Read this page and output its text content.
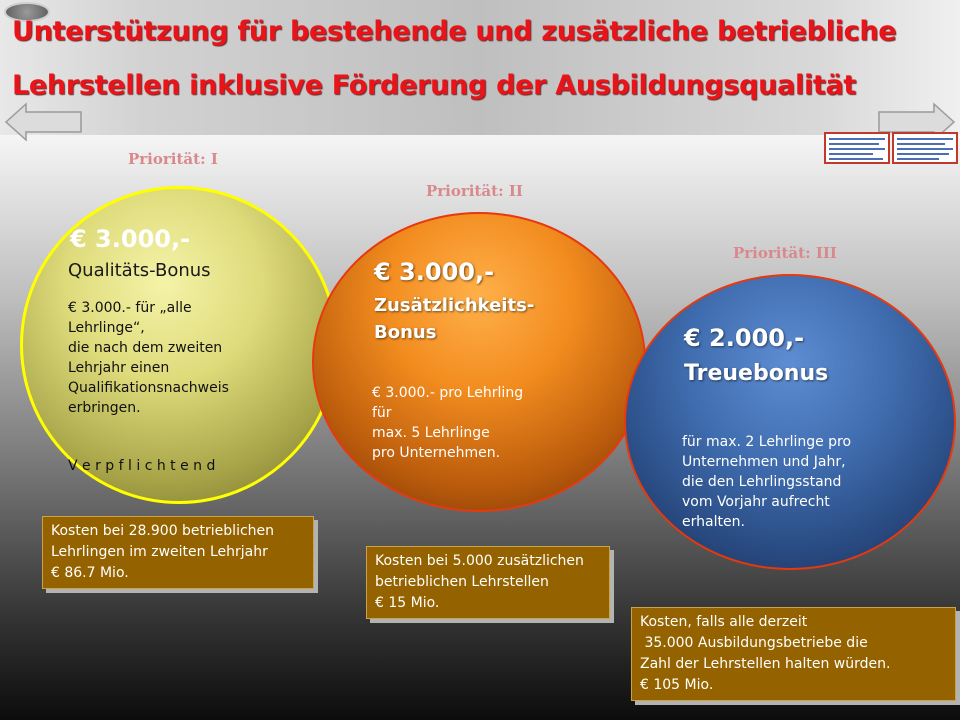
Unterstützung für bestehende und zusätzliche betriebliche
Lehrstellen inklusive Förderung der Ausbildungsqualität
Priorität: I
€ 3.000,-
Qualitäts-Bonus
€ 3.000.- für „alle
Lehrlinge“,
die nach dem zweiten
Lehrjahr einen
Qualifikationsnachweis
erbringen.
V e r p f l i c h t e n d
Priorität: II
€ 3.000,-
Zusätzlichkeits-
Bonus
€ 3.000.- pro Lehrling
für
max. 5 Lehrlinge
pro Unternehmen.
Priorität: III
€ 2.000,-
Treuebonus
für max. 2 Lehrlinge pro
Unternehmen und Jahr,
die den Lehrlingsstand
vom Vorjahr aufrecht
erhalten.
Kosten bei 28.900 betrieblichen
Lehrlingen im zweiten Lehrjahr
€ 86.7 Mio.
Kosten bei 5.000 zusätzlichen
betrieblichen Lehrstellen
€ 15 Mio.
Kosten, falls alle derzeit
35.000 Ausbildungsbetriebe die
Zahl der Lehrstellen halten würden.
€ 105 Mio.
